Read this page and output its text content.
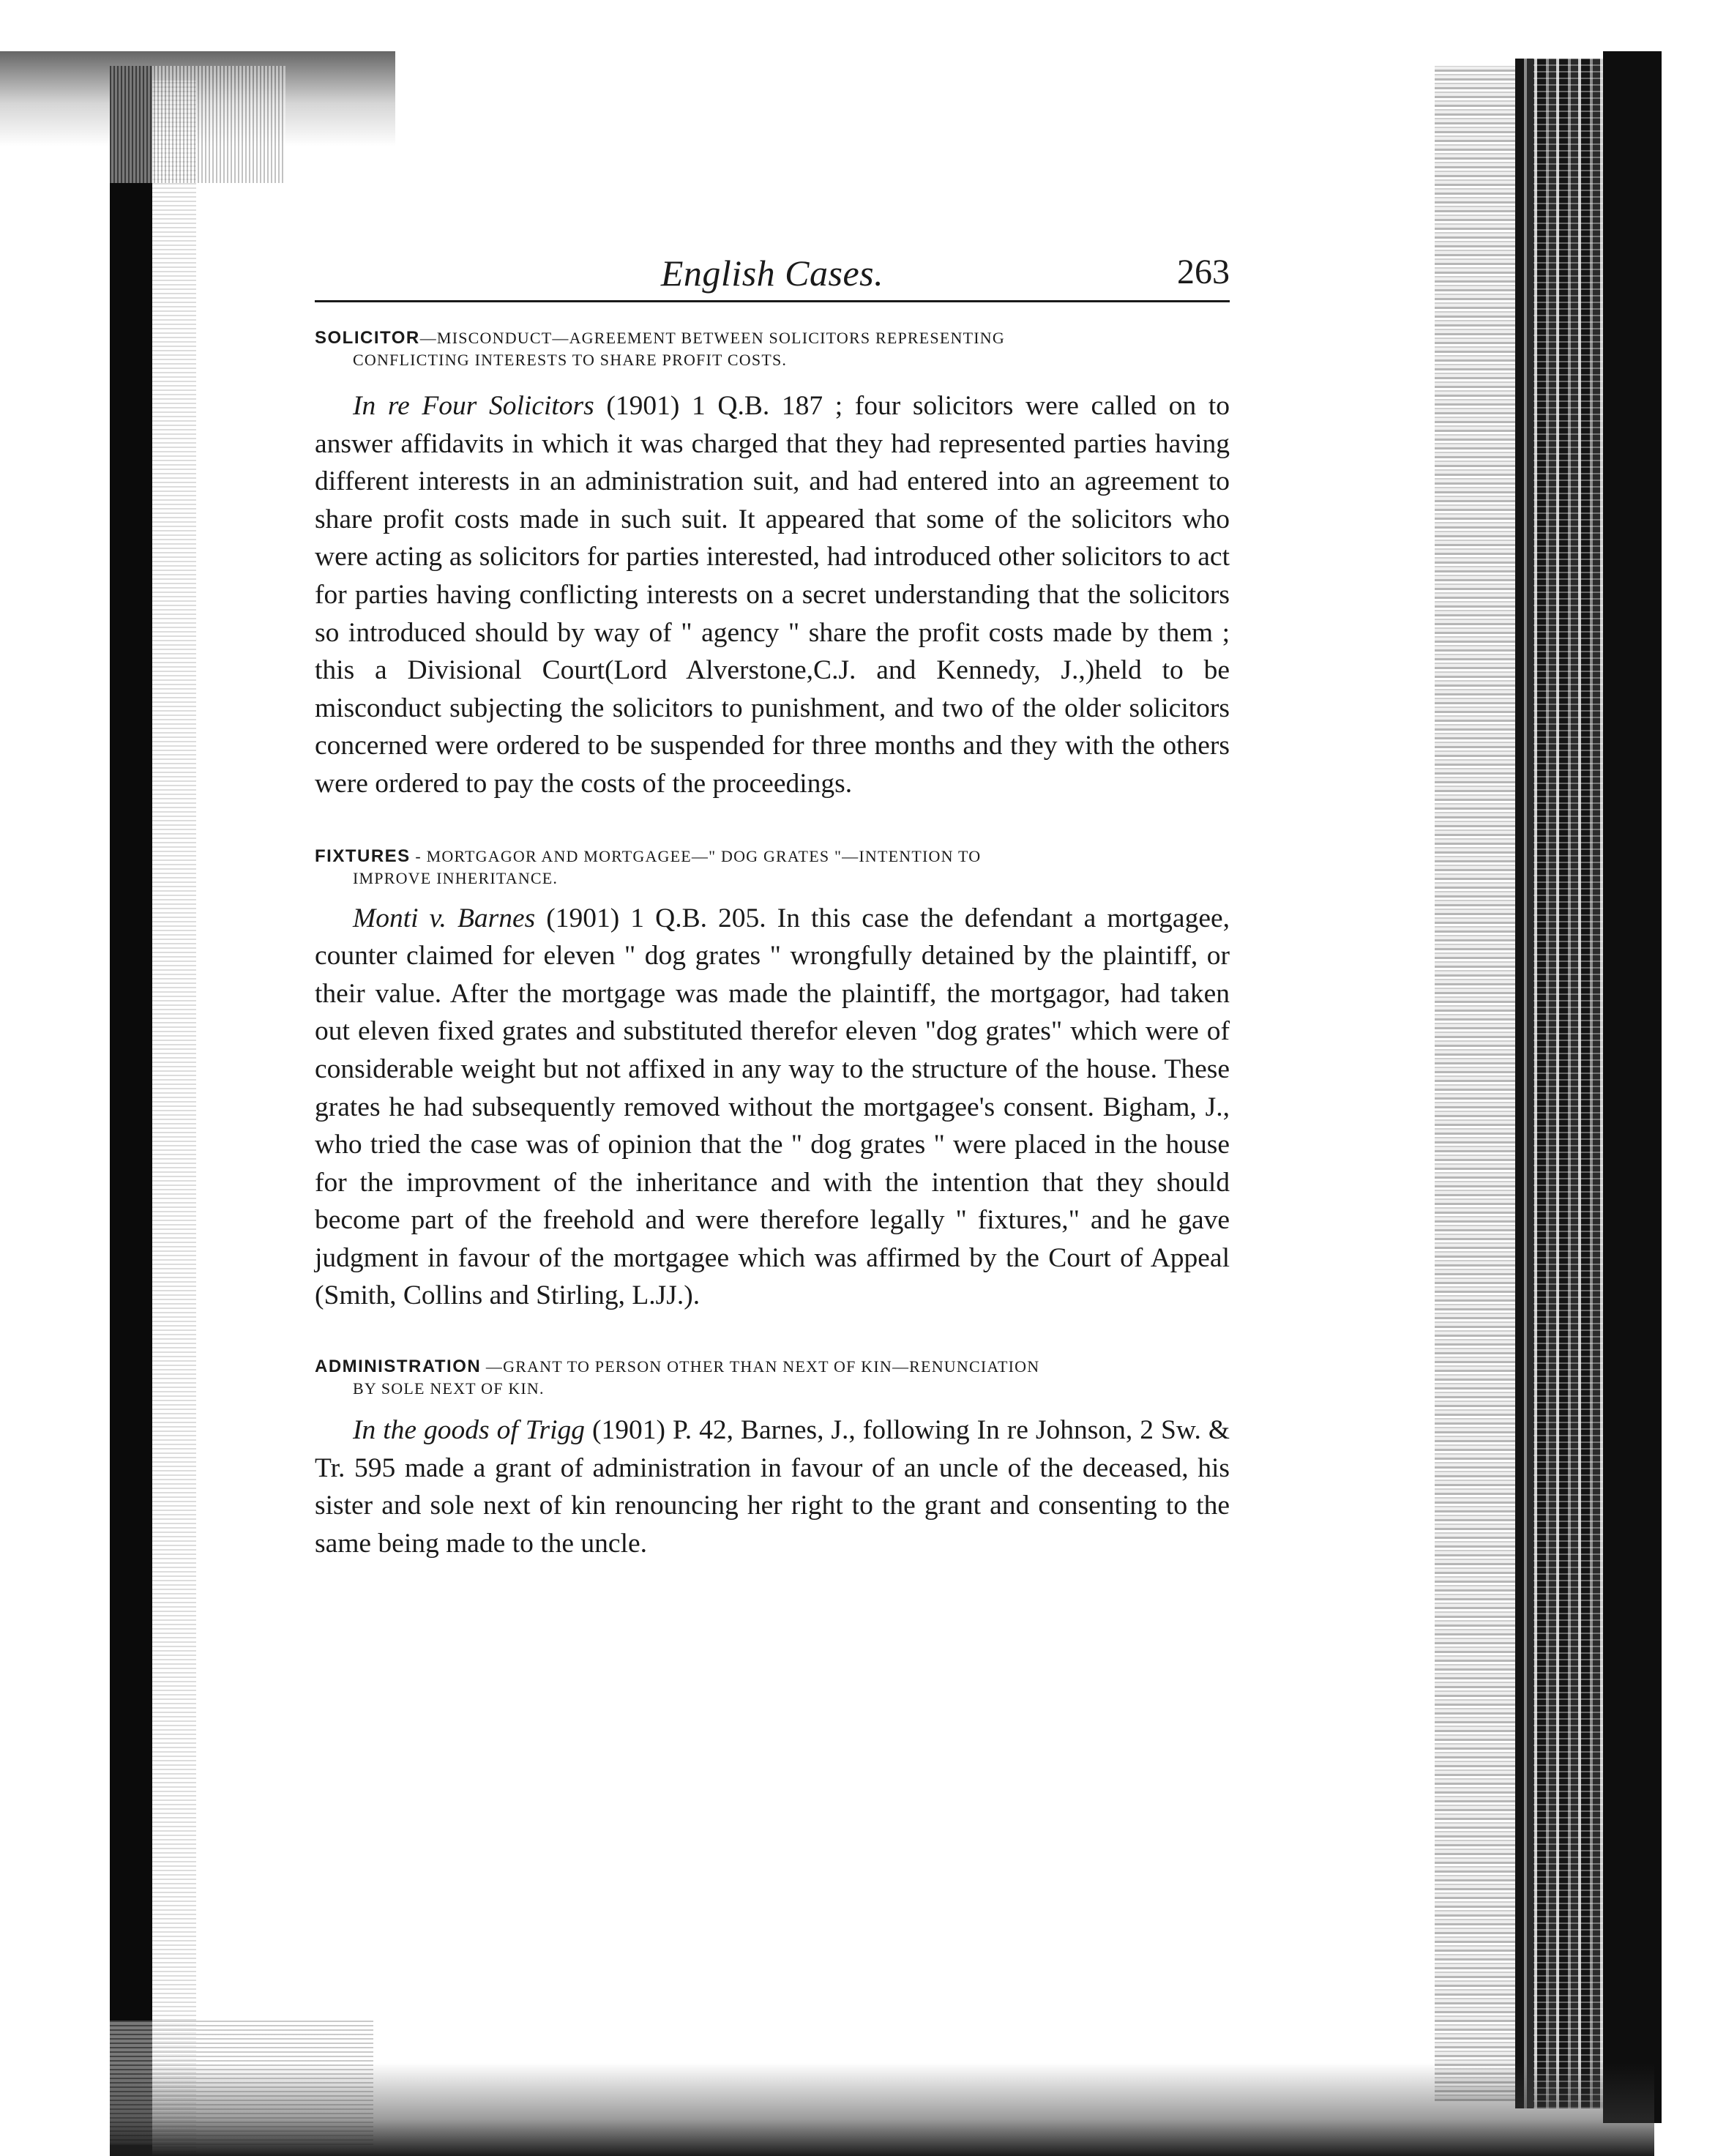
English Cases.	263

SOLICITOR—MISCONDUCT—AGREEMENT BETWEEN SOLICITORS REPRESENTING
CONFLICTING INTERESTS TO SHARE PROFIT COSTS.

In re Four Solicitors (1901) 1 Q.B. 187 ; four solicitors were called on to answer affidavits in which it was charged that they had represented parties having different interests in an administration suit, and had entered into an agreement to share profit costs made in such suit. It appeared that some of the solicitors who were acting as solicitors for parties interested, had introduced other solicitors to act for parties having conflicting interests on a secret understanding that the solicitors so introduced should by way of " agency " share the profit costs made by them ; this a Divisional Court(Lord Alverstone,C.J. and Kennedy, J.,)held to be misconduct subjecting the solicitors to punishment, and two of the older solicitors concerned were ordered to be suspended for three months and they with the others were ordered to pay the costs of the proceedings.

FIXTURES - MORTGAGOR AND MORTGAGEE—" DOG GRATES "—INTENTION TO
IMPROVE INHERITANCE.

Monti v. Barnes (1901) 1 Q.B. 205. In this case the defendant a mortgagee, counter claimed for eleven " dog grates " wrongfully detained by the plaintiff, or their value. After the mortgage was made the plaintiff, the mortgagor, had taken out eleven fixed grates and substituted therefor eleven "dog grates" which were of considerable weight but not affixed in any way to the structure of the house. These grates he had subsequently removed without the mortgagee's consent. Bigham, J., who tried the case was of opinion that the " dog grates " were placed in the house for the improvment of the inheritance and with the intention that they should become part of the freehold and were therefore legally " fixtures," and he gave judgment in favour of the mortgagee which was affirmed by the Court of Appeal (Smith, Collins and Stirling, L.JJ.).

ADMINISTRATION —GRANT TO PERSON OTHER THAN NEXT OF KIN—RENUNCIATION
BY SOLE NEXT OF KIN.

In the goods of Trigg (1901) P. 42, Barnes, J., following In re Johnson, 2 Sw. & Tr. 595 made a grant of administration in favour of an uncle of the deceased, his sister and sole next of kin renouncing her right to the grant and consenting to the same being made to the uncle.
